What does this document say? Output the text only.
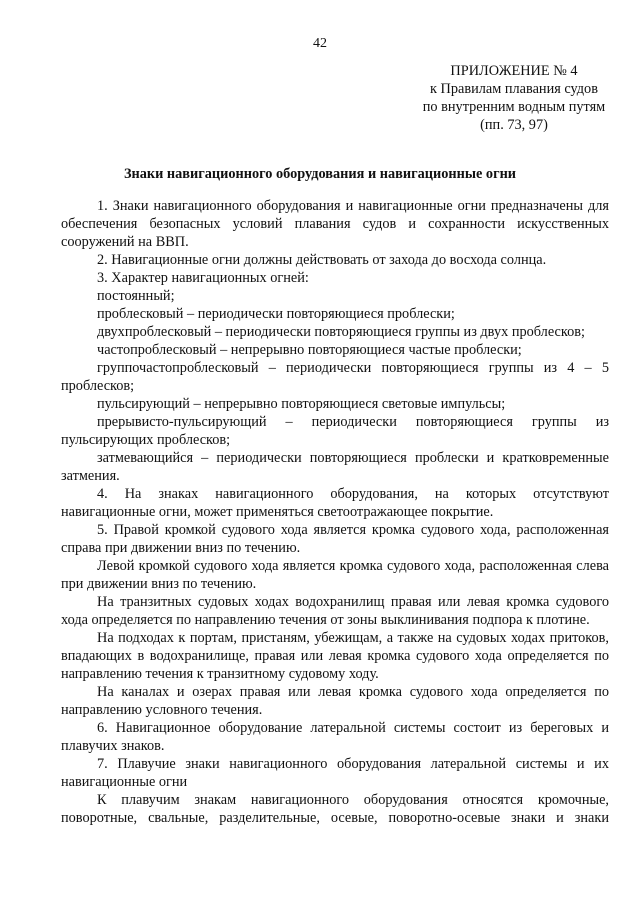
42
ПРИЛОЖЕНИЕ № 4
к Правилам плавания судов
по внутренним водным путям
(пп. 73, 97)
Знаки навигационного оборудования и навигационные огни

1. Знаки навигационного оборудования и навигационные огни предназначены для обеспечения безопасных условий плавания судов и сохранности искусственных сооружений на ВВП.

2. Навигационные огни должны действовать от захода до восхода солнца.

3. Характер навигационных огней:

постоянный;

проблесковый – периодически повторяющиеся проблески;

двухпроблесковый – периодически повторяющиеся группы из двух проблесков;

частопроблесковый – непрерывно повторяющиеся частые проблески;

группочастопроблесковый – периодически повторяющиеся группы из 4 – 5 проблесков;

пульсирующий – непрерывно повторяющиеся световые импульсы;

прерывисто-пульсирующий – периодически повторяющиеся группы из пульсирующих проблесков;

затмевающийся – периодически повторяющиеся проблески и кратковременные затмения.

4. На знаках навигационного оборудования, на которых отсутствуют навигационные огни, может применяться светоотражающее покрытие.

5. Правой кромкой судового хода является кромка судового хода, расположенная справа при движении вниз по течению.

Левой кромкой судового хода является кромка судового хода, расположенная слева при движении вниз по течению.

На транзитных судовых ходах водохранилищ правая или левая кромка судового хода определяется по направлению течения от зоны выклинивания подпора к плотине.

На подходах к портам, пристаням, убежищам, а также на судовых ходах притоков, впадающих в водохранилище, правая или левая кромка судового хода определяется по направлению течения к транзитному судовому ходу.

На каналах и озерах правая или левая кромка судового хода определяется по направлению условного течения.

6. Навигационное оборудование латеральной системы состоит из береговых и плавучих знаков.

7. Плавучие знаки навигационного оборудования латеральной системы и их навигационные огни

К плавучим знакам навигационного оборудования относятся кромочные, поворотные, свальные, разделительные, осевые, поворотно-осевые знаки и знаки
